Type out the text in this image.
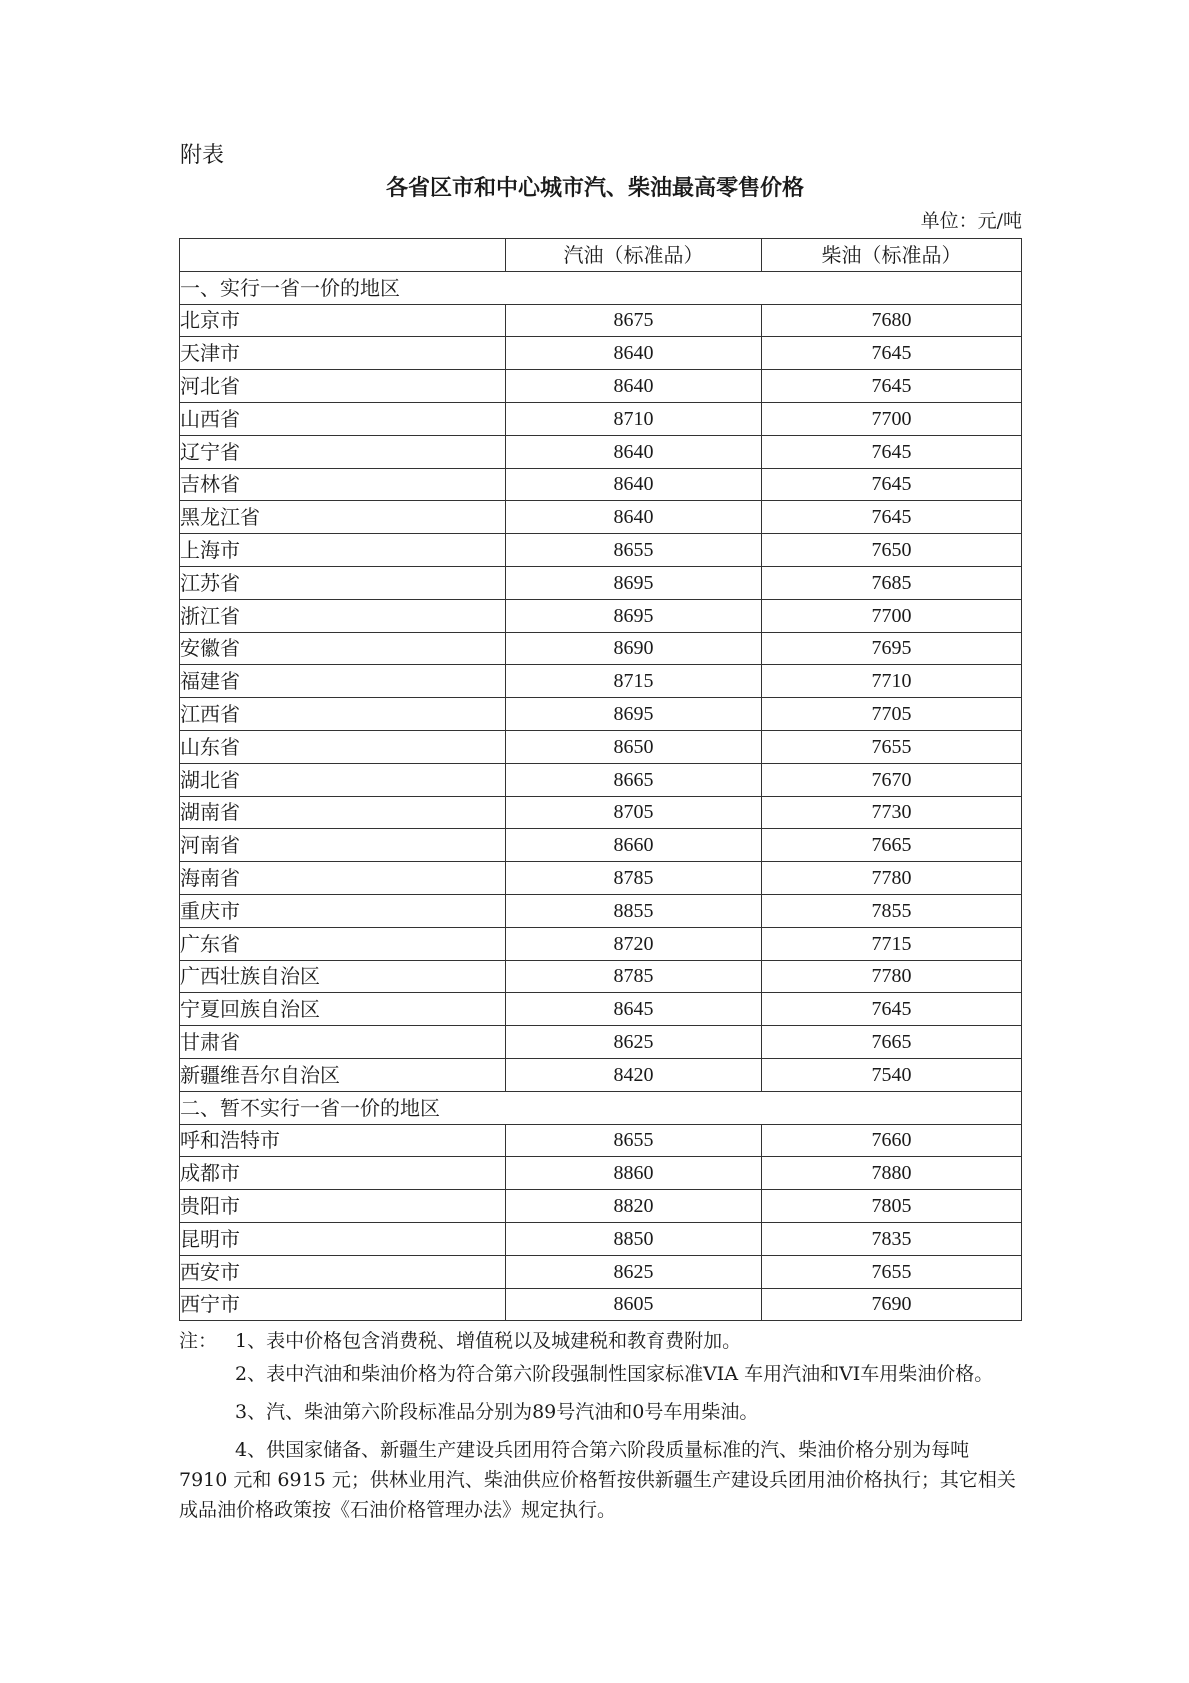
附表
各省区市和中心城市汽、柴油最高零售价格
单位：元/吨
	汽油（标准品）	柴油（标准品）
一、实行一省一价的地区		
北京市	8675	7680
天津市	8640	7645
河北省	8640	7645
山西省	8710	7700
辽宁省	8640	7645
吉林省	8640	7645
黑龙江省	8640	7645
上海市	8655	7650
江苏省	8695	7685
浙江省	8695	7700
安徽省	8690	7695
福建省	8715	7710
江西省	8695	7705
山东省	8650	7655
湖北省	8665	7670
湖南省	8705	7730
河南省	8660	7665
海南省	8785	7780
重庆市	8855	7855
广东省	8720	7715
广西壮族自治区	8785	7780
宁夏回族自治区	8645	7645
甘肃省	8625	7665
新疆维吾尔自治区	8420	7540
二、暂不实行一省一价的地区		
呼和浩特市	8655	7660
成都市	8860	7880
贵阳市	8820	7805
昆明市	8850	7835
西安市	8625	7655
西宁市	8605	7690

注： 1、表中价格包含消费税、增值税以及城建税和教育费附加。

2、表中汽油和柴油价格为符合第六阶段强制性国家标准VIA 车用汽油和VI车用柴油价格。

3、汽、柴油第六阶段标准品分别为89号汽油和0号车用柴油。

4、供国家储备、新疆生产建设兵团用符合第六阶段质量标准的汽、柴油价格分别为每吨 7910 元和 6915 元；供林业用汽、柴油供应价格暂按供新疆生产建设兵团用油价格执行；其它相关成品油价格政策按《石油价格管理办法》规定执行。
